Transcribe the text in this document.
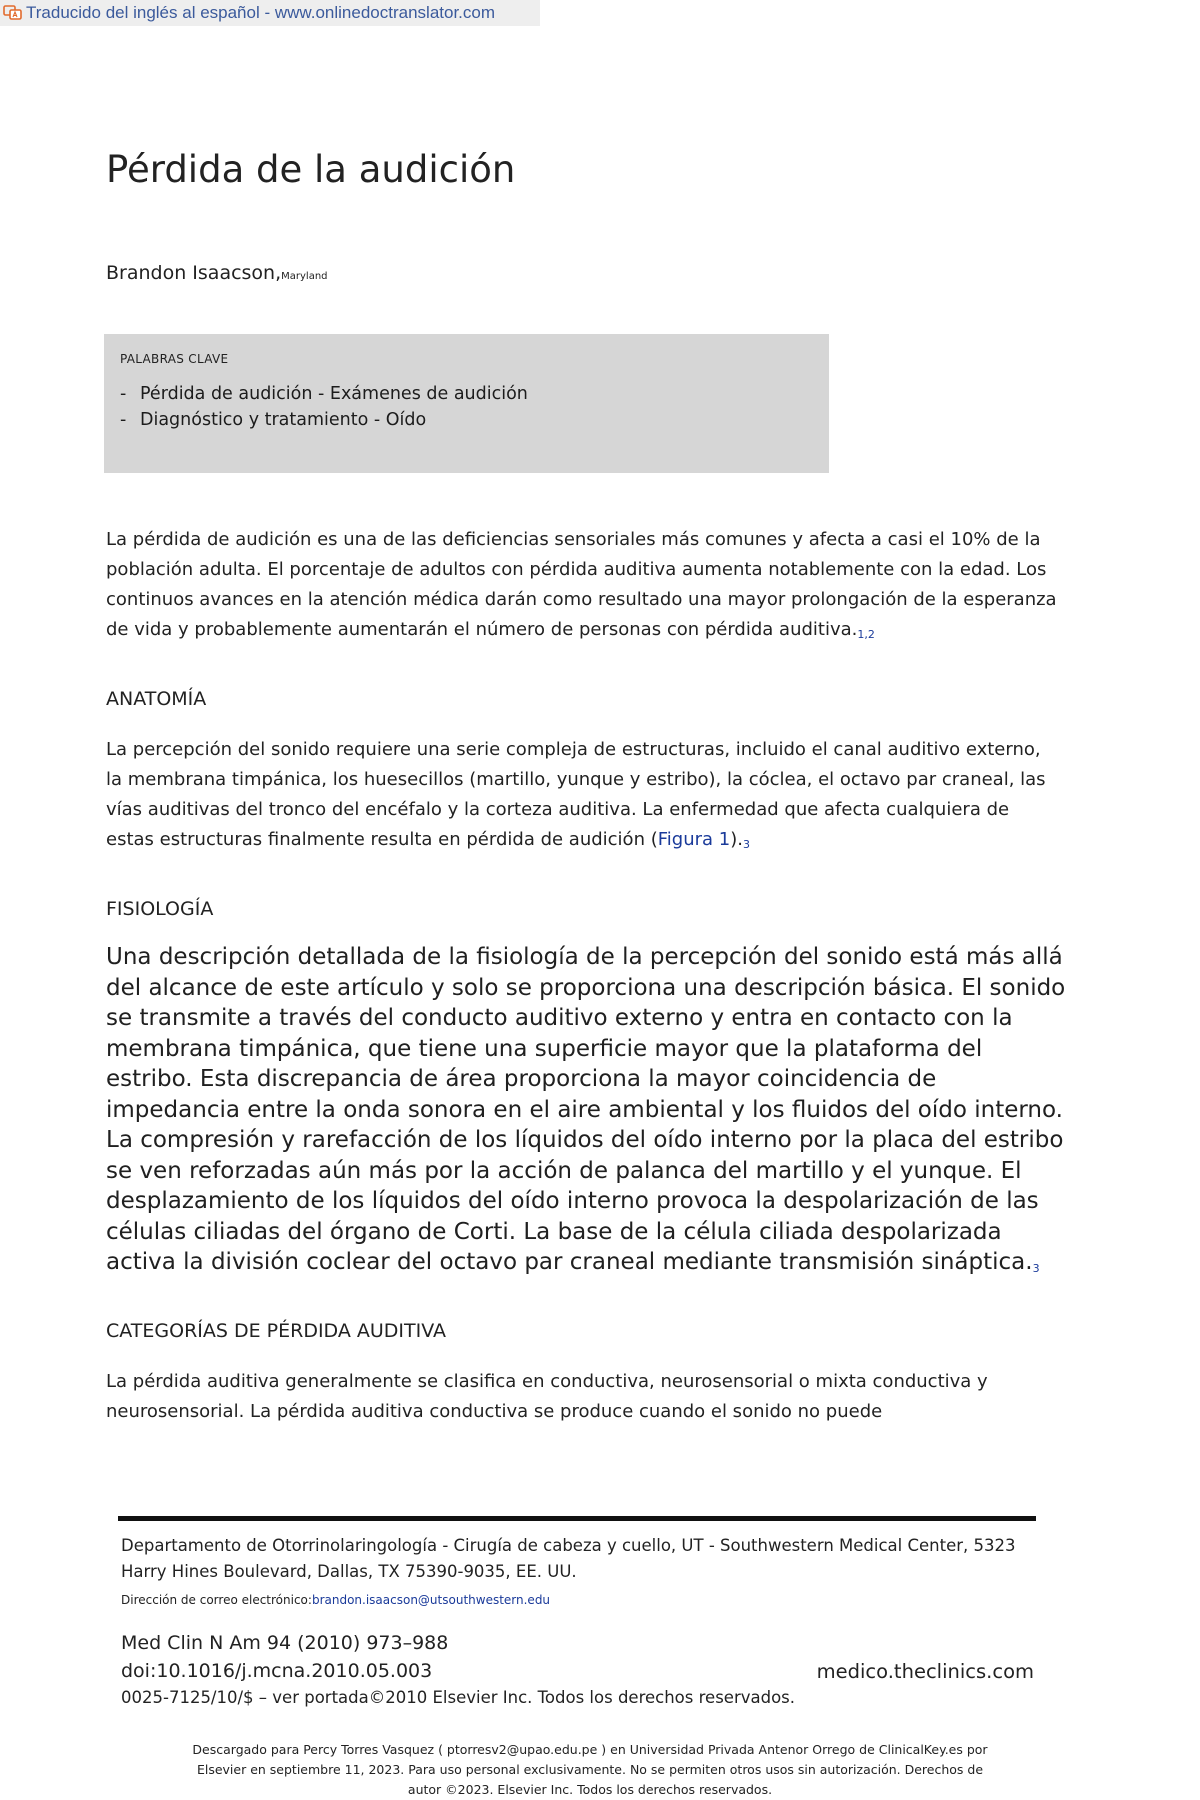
Traducido del inglés al español - www.onlinedoctranslator.com
Pérdida de la audición
Brandon Isaacson,Maryland
PALABRAS CLAVE
- Pérdida de audición - Exámenes de audición
- Diagnóstico y tratamiento - Oído

La pérdida de audición es una de las deficiencias sensoriales más comunes y afecta a casi el 10% de la población adulta. El porcentaje de adultos con pérdida auditiva aumenta notablemente con la edad. Los continuos avances en la atención médica darán como resultado una mayor prolongación de la esperanza de vida y probablemente aumentarán el número de personas con pérdida auditiva.$^{1,2}$

ANATOMÍA

La percepción del sonido requiere una serie compleja de estructuras, incluido el canal auditivo externo, la membrana timpánica, los huesecillos (martillo, yunque y estribo), la cóclea, el octavo par craneal, las vías auditivas del tronco del encéfalo y la corteza auditiva. La enfermedad que afecta cualquiera de estas estructuras finalmente resulta en pérdida de audición (Figura 1).$^3$

FISIOLOGÍA

Una descripción detallada de la fisiología de la percepción del sonido está más allá del alcance de este artículo y solo se proporciona una descripción básica. El sonido se transmite a través del conducto auditivo externo y entra en contacto con la membrana timpánica, que tiene una superficie mayor que la plataforma del estribo. Esta discrepancia de área proporciona la mayor coincidencia de impedancia entre la onda sonora en el aire ambiental y los fluidos del oído interno. La compresión y rarefacción de los líquidos del oído interno por la placa del estribo se ven reforzadas aún más por la acción de palanca del martillo y el yunque. El desplazamiento de los líquidos del oído interno provoca la despolarización de las células ciliadas del órgano de Corti. La base de la célula ciliada despolarizada activa la división coclear del octavo par craneal mediante transmisión sináptica.$^3$

CATEGORÍAS DE PÉRDIDA AUDITIVA

La pérdida auditiva generalmente se clasifica en conductiva, neurosensorial o mixta conductiva y neurosensorial. La pérdida auditiva conductiva se produce cuando el sonido no puede

Departamento de Otorrinolaringología - Cirugía de cabeza y cuello, UT - Southwestern Medical Center, 5323 Harry Hines Boulevard, Dallas, TX 75390-9035, EE. UU.

Dirección de correo electrónico:brandon.isaacson@utsouthwestern.edu
Med Clin N Am 94 (2010) 973–988
doi:10.1016/j.mcna.2010.05.003	medico.theclinics.com
0025-7125/10/$ – ver portada©2010 Elsevier Inc. Todos los derechos reservados.
Descargado para Percy Torres Vasquez ( ptorresv2@upao.edu.pe ) en Universidad Privada Antenor Orrego de ClinicalKey.es por Elsevier en septiembre 11, 2023. Para uso personal exclusivamente. No se permiten otros usos sin autorización. Derechos de autor ©2023. Elsevier Inc. Todos los derechos reservados.
